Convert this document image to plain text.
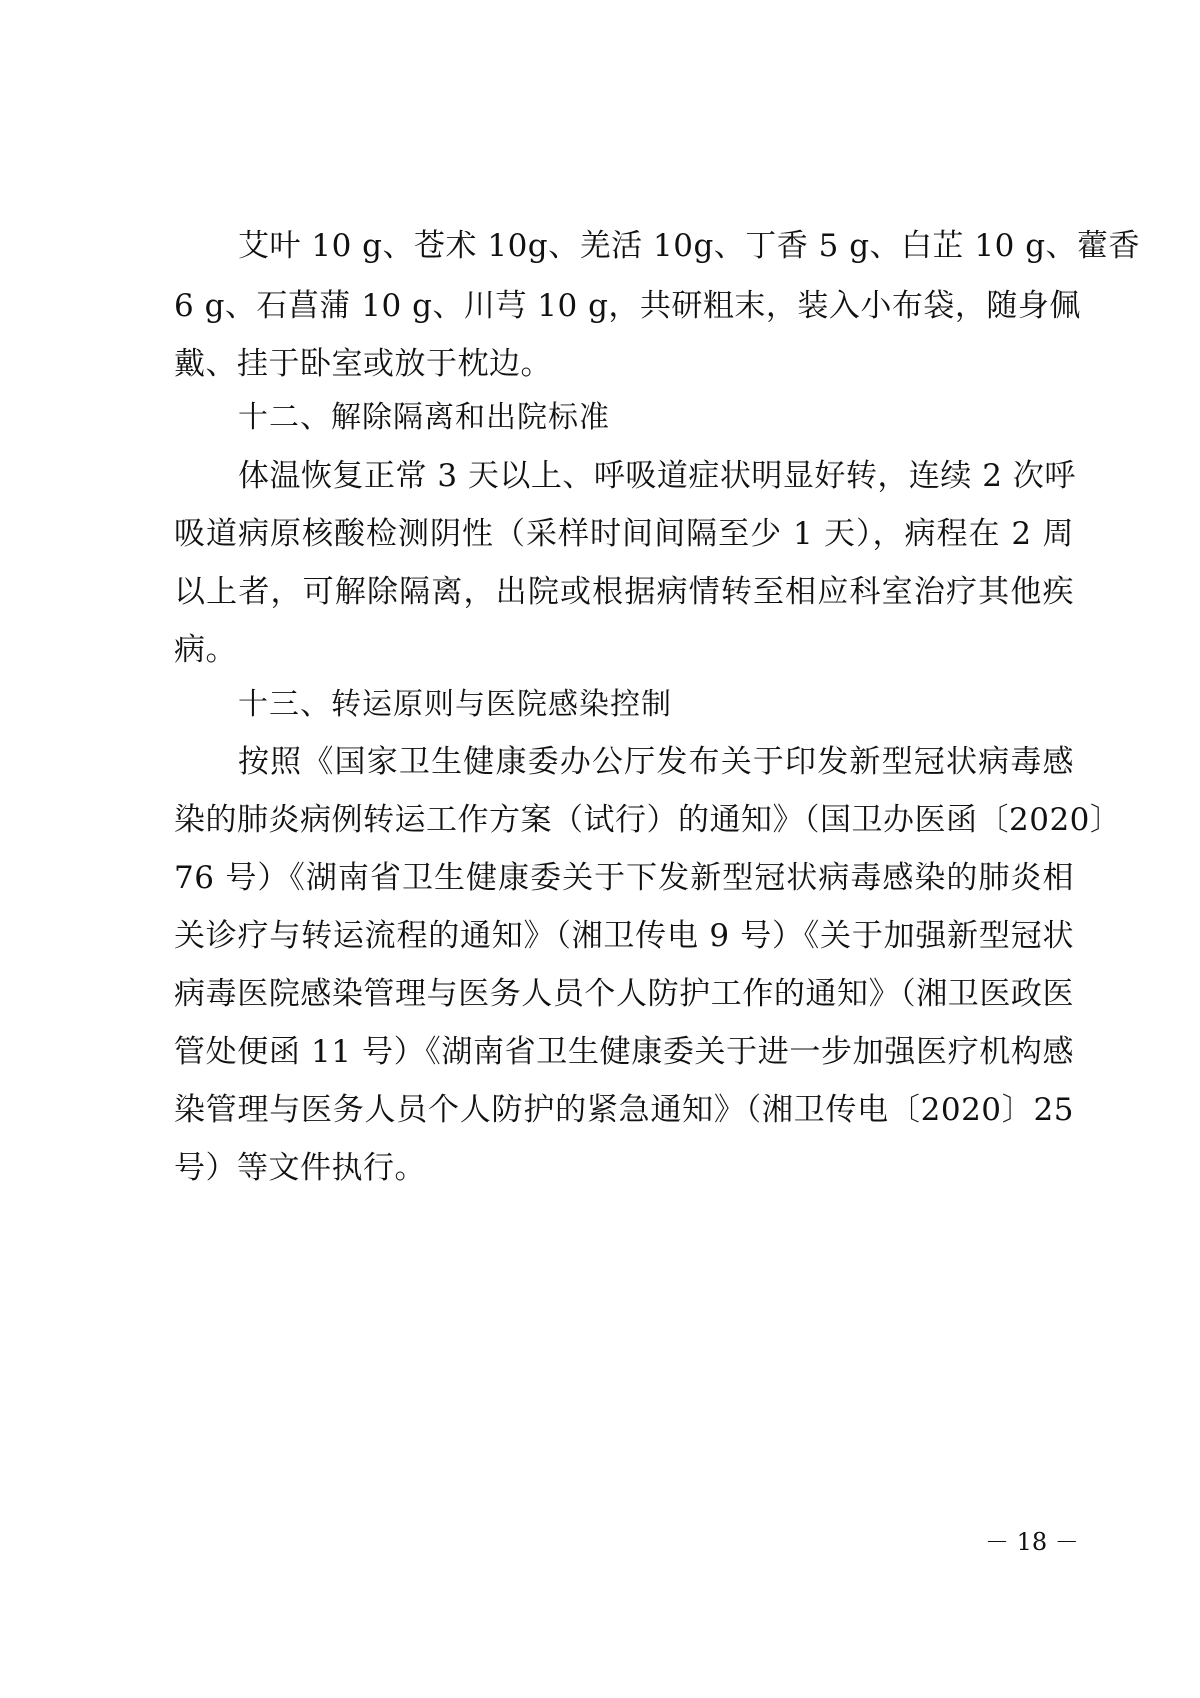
艾叶 10 g、苍术 10g、羌活 10g、丁香 5 g、白芷 10 g、藿香
6 g、石菖蒲 10 g、川芎 10 g，共研粗末，装入小布袋，随身佩
戴、挂于卧室或放于枕边。
十二、解除隔离和出院标准
体温恢复正常 3 天以上、呼吸道症状明显好转，连续 2 次呼
吸道病原核酸检测阴性（采样时间间隔至少 1 天），病程在 2 周
以上者，可解除隔离，出院或根据病情转至相应科室治疗其他疾
病。
十三、转运原则与医院感染控制
按照《国家卫生健康委办公厅发布关于印发新型冠状病毒感
染的肺炎病例转运工作方案（试行）的通知》（国卫办医函〔2020〕
76 号）《湖南省卫生健康委关于下发新型冠状病毒感染的肺炎相
关诊疗与转运流程的通知》（湘卫传电 9 号）《关于加强新型冠状
病毒医院感染管理与医务人员个人防护工作的通知》（湘卫医政医
管处便函 11 号）《湖南省卫生健康委关于进一步加强医疗机构感
染管理与医务人员个人防护的紧急通知》（湘卫传电〔2020〕25
号）等文件执行。
－ 18 －
